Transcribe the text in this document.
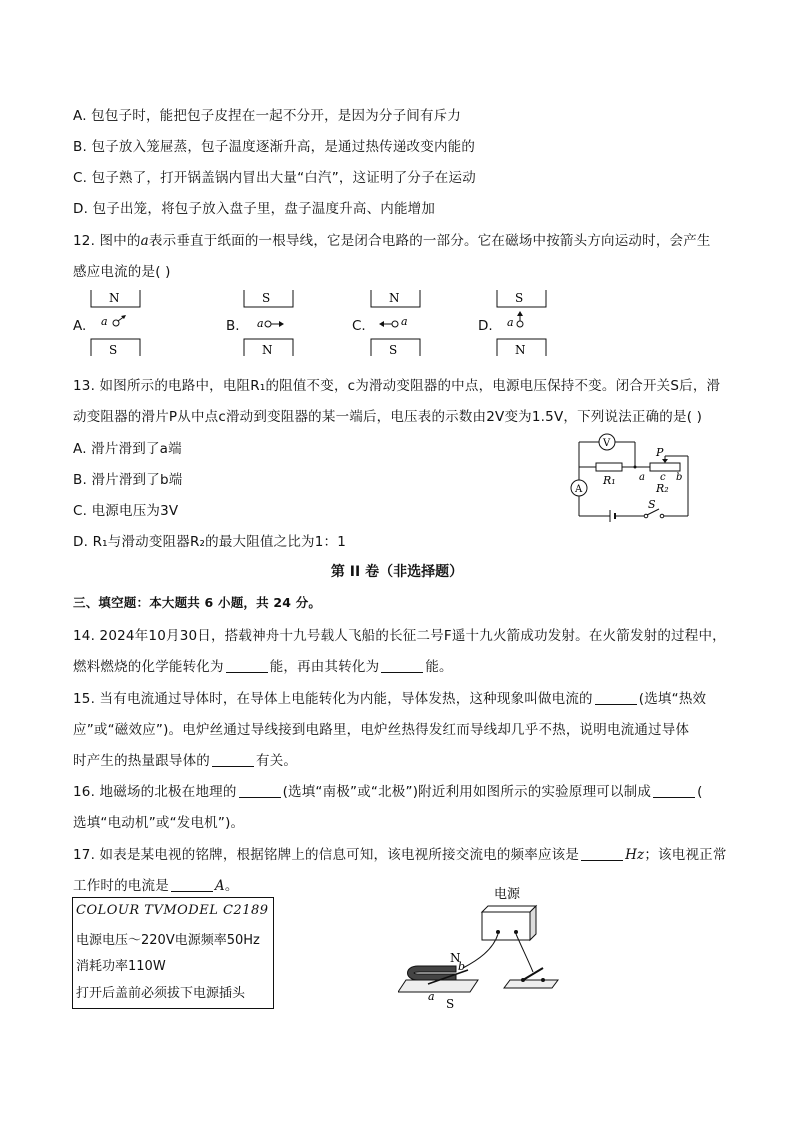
A. 包包子时，能把包子皮捏在一起不分开，是因为分子间有斥力
B. 包子放入笼屉蒸，包子温度逐渐升高，是通过热传递改变内能的
C. 包子熟了，打开锅盖锅内冒出大量“白汽”，这证明了分子在运动
D. 包子出笼，将包子放入盘子里，盘子温度升高、内能增加
12. 图中的a表示垂直于纸面的一根导线，它是闭合电路的一部分。它在磁场中按箭头方向运动时，会产生
感应电流的是( )
A.
N
S
a	B.
S
N
a	C.
N
S
a	D.
S
N
a
13. 如图所示的电路中，电阻R₁的阻值不变，c为滑动变阻器的中点，电源电压保持不变。闭合开关S后，滑
动变阻器的滑片P从中点c滑动到变阻器的某一端后，电压表的示数由2V变为1.5V，下列说法正确的是( )
A. 滑片滑到了a端
B. 滑片滑到了b端
C. 电源电压为3V
D. R₁与滑动变阻器R₂的最大阻值之比为1：1
V
R₁
P
a c b
R₂
A
S
第 II 卷（非选择题）
三、填空题：本大题共 6 小题，共 24 分。
14. 2024年10月30日，搭载神舟十九号载人飞船的长征二号F遥十九火箭成功发射。在火箭发射的过程中，
燃料燃烧的化学能转化为	能，再由其转化为	能。
15. 当有电流通过导体时，在导体上电能转化为内能，导体发热，这种现象叫做电流的	(选填“热效
应”或“磁效应”)。电炉丝通过导线接到电路里，电炉丝热得发红而导线却几乎不热，说明电流通过导体
时产生的热量跟导体的	有关。
16. 地磁场的北极在地理的	(选填“南极”或“北极”)附近利用如图所示的实验原理可以制成	(
选填“电动机”或“发电机”)。
17. 如表是某电视的铭牌，根据铭牌上的信息可知，该电视所接交流电的频率应该是	Hz；该电视正常
工作时的电流是	A。
COLOUR TVMODEL C2189
电源电压～220V电源频率50Hz
消耗功率110W
打开后盖前必须拔下电源插头
电源
N
S
b
a
